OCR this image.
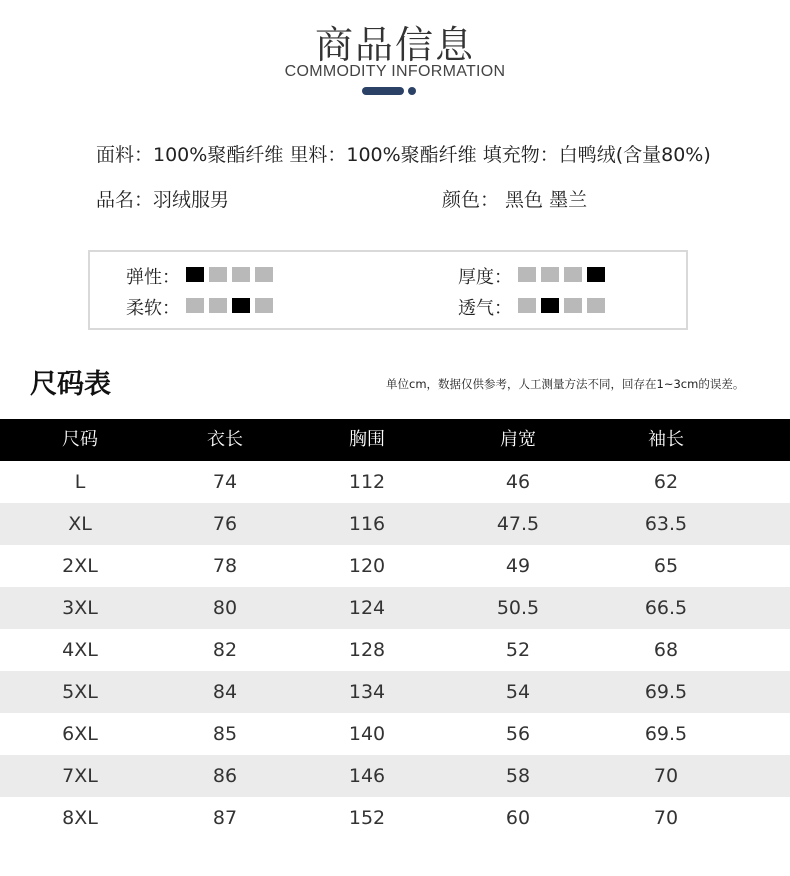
商品信息
COMMODITY INFORMATION
面料：100%聚酯纤维 里料：100%聚酯纤维 填充物：白鸭绒(含量80%)
品名：羽绒服男	颜色： 黑色 墨兰
弹性：	厚度：
柔软：	透气：
尺码表	单位cm，数据仅供参考，人工测量方法不同，回存在1~3cm的误差。
尺码	衣长	胸围	肩宽	袖长
L	74	112	46	62
XL	76	116	47.5	63.5
2XL	78	120	49	65
3XL	80	124	50.5	66.5
4XL	82	128	52	68
5XL	84	134	54	69.5
6XL	85	140	56	69.5
7XL	86	146	58	70
8XL	87	152	60	70
